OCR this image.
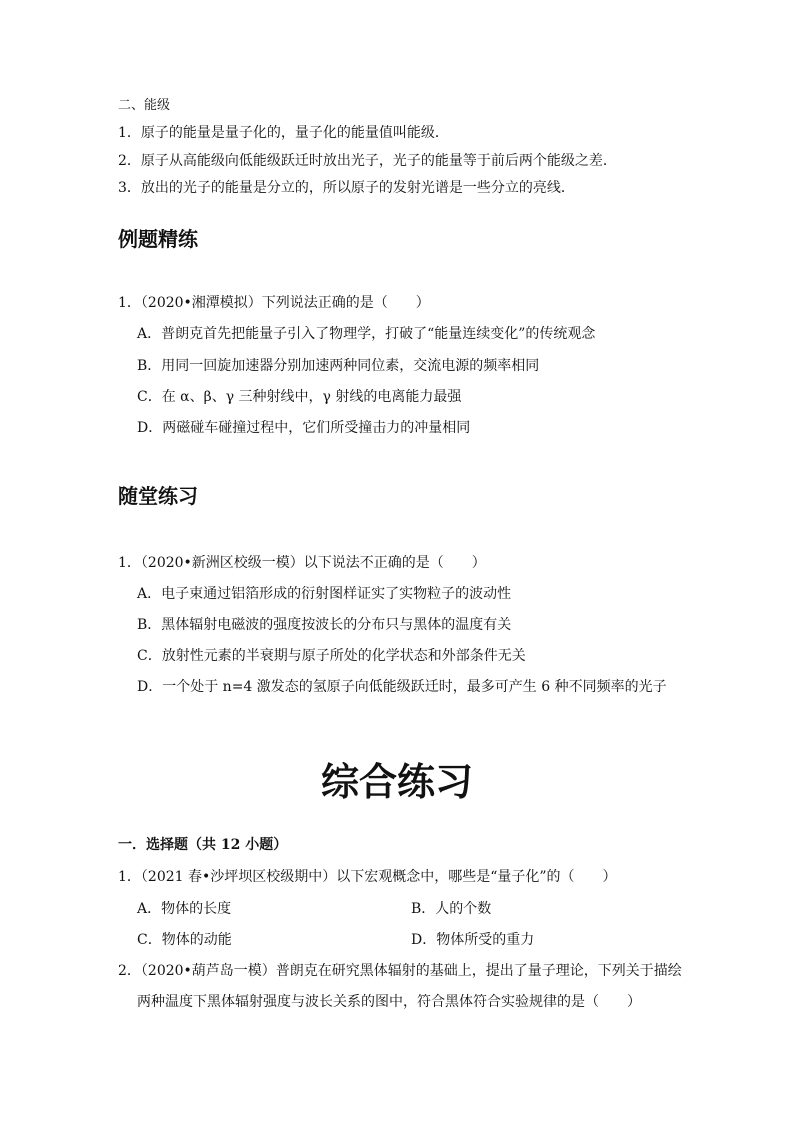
二、能级
1．原子的能量是量子化的，量子化的能量值叫能级．
2．原子从高能级向低能级跃迁时放出光子，光子的能量等于前后两个能级之差．
3．放出的光子的能量是分立的，所以原子的发射光谱是一些分立的亮线．
例题精练
1．（2020•湘潭模拟）下列说法正确的是（　　）
A．普朗克首先把能量子引入了物理学，打破了“能量连续变化”的传统观念
B．用同一回旋加速器分别加速两种同位素，交流电源的频率相同
C．在 α、β、γ 三种射线中，γ 射线的电离能力最强
D．两磁碰车碰撞过程中，它们所受撞击力的冲量相同
随堂练习
1．（2020•新洲区校级一模）以下说法不正确的是（　　）
A．电子束通过铝箔形成的衍射图样证实了实物粒子的波动性
B．黑体辐射电磁波的强度按波长的分布只与黑体的温度有关
C．放射性元素的半衰期与原子所处的化学状态和外部条件无关
D．一个处于 n=4 激发态的氢原子向低能级跃迁时，最多可产生 6 种不同频率的光子
综合练习
一．选择题（共 12 小题）
1．（2021 春•沙坪坝区校级期中）以下宏观概念中，哪些是“量子化”的（　　）
A．物体的长度	B．人的个数
C．物体的动能	D．物体所受的重力
2．（2020•葫芦岛一模）普朗克在研究黑体辐射的基础上，提出了量子理论，下列关于描绘
两种温度下黑体辐射强度与波长关系的图中，符合黑体符合实验规律的是（　　）
